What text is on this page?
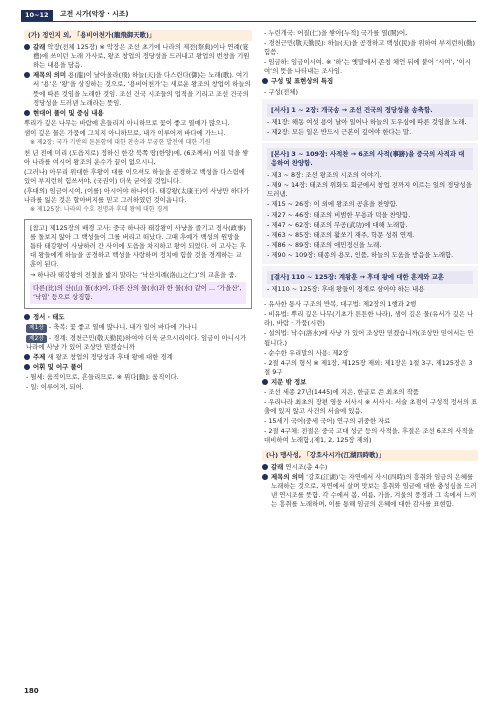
10~12	고전 시가(악장 · 시조)
(가) 정인지 외, 「용비어천가(龍飛御天歌)」
갈래 악장(전체 125장) ※ 악장은 조선 초기에 나라의 제전(祭典)이나 연례(宴禮)에 쓰이던 노래 가사로, 왕조 창업의 정당성을 드러내고 왕업의 번창을 기원하는 내용을 담음.
제목의 의미 용(龍)이 날아올라(飛) 하늘(天)을 다스린다(御)는 노래(歌). 여기서 ‘용’은 ‘왕’을 상징하는 것으로, ‘용비어천가’는 새로운 왕조의 창업이 하늘의 뜻에 따른 것임을 노래한 것임. 조선 건국 시조들의 업적을 기리고 조선 건국의 정당성을 드러낸 노래라는 뜻임.
현대어 풀이 및 중심 내용
뿌리가 깊은 나무는 바람에 흔들리지 아니하므로 꽃이 좋고 열매가 많으니.
샘이 깊은 물은 가뭄에 그치지 아니하므로, 내가 이루어져 바다에 가느니.
※ 제2장: 국가 기반의 튼튼함에 대한 찬송과 무궁한 발전에 대한 기원
천 년 전에 미리 (도읍지로) 정하신 한강 북쪽 땅(한양)에, (6조께서) 어질 덕을 쌓아 나라를 여시어 왕조의 운수가 끝이 없으시니,
(그러나) 아무리 위대한 후왕이 대를 이으셔도 하늘을 공경하고 백성을 다스림에 있어 부지런히 힘쓰셔야, (국권이) 더욱 굳어질 것입니다.
(후대의) 임금이시여, (이를) 아시어야 하나이다. 태강왕(太康王)이 사냥만 하다가 나라를 잃은 것은 할아버지를 믿고 그러하였던 것이옵니다.
※ 제125장: 나라의 수호 천명과 후대 왕에 대한 경계
[참고] 제125장의 배경 고사: 중국 하나라 태강왕이 사냥을 즐기고 정사(政事)를 돌보지 않아 그 백성들이 그를 버리고 떠났다. 그때 후예가 백성의 원망을 틈타 태강왕이 사냥하러 간 사이에 도읍을 차지하고 왕이 되었다. 이 고사는 후대 왕들에게 하늘을 공경하고 백성을 사랑하며 정치에 힘쓸 것을 경계하는 교훈이 된다.
→ 하나라 태강왕의 전철을 밟지 말라는 ‘낙산치례(洛山之仁)’의 교훈을 줌.
다른(比)의 산(山) 물(水)이, 다른 산의 물(水)과 한 물(水) 같이 ... ‘가을산’, ‘낙엽’ 등으로 상징함.
정서 · 태도
제1장 - 축복: 꽃 좋고 열매 많나니, 내가 일어 바다에 가나니
제2장 - 경계: 경천근민(敬天勤民)하여야 더욱 굳으시리이다. 임금이 아니시가 나라에 사냥 가 있어 조상만 믿겠습니까
주제 새 왕조 창업의 정당성과 후대 왕에 대한 경계
어휘 및 어구 풀이
- 뮐세: 움직이므로, 흔들리므로. ※ 뮈다[動]: 움직이다.
- 일: 이루어져, 되어.
- 누린개국: 어질(仁)을 쌓아[누적] 국가를 열(開)어,
- 경천근민(敬天勤民): 하늘(天)을 공경하고 백성(民)을 위하여 부지런히(勤) 힘씀.
- 임금하: 임금이시여. ※ ‘하’는 옛말에서 존칭 체언 뒤에 붙어 ‘시여’, ‘이시여’의 뜻을 나타내는 조사임.
구성 및 표현상의 특징
- 구성(전체)
[서사] 1 ~ 2장: 개국송 → 조선 건국의 정당성을 송축함.
- 제1장: 해동 여섯 용이 날아 일어나 하늘의 도우심에 따른 것임을 노래.
- 제2장: 모든 일은 반드시 근본이 깊어야 한다는 말.
[본사] 3 ~ 109장: 사적찬 → 6조의 사적(事跡)을 중국의 사적과 대응하여 찬양함.
- 제3 ~ 8장: 조선 왕조의 시조의 이야기.
- 제9 ~ 14장: 태조의 위화도 회군에서 창업 전까지 이르는 일의 정당성을 드러냄.
- 제15 ~ 26장: 이 외에 왕조의 공훈을 찬양함.
- 제27 ~ 46장: 태조의 비범한 무용과 덕을 찬양함.
- 제47 ~ 62장: 태조의 무공(武功)에 대해 노래함.
- 제63 ~ 85장: 태조의 활쏘기 재주, 학문 성취 연계.
- 제86 ~ 89장: 태조의 애민정신을 노래.
- 제90 ~ 109장: 태종의 용모, 인품, 하늘의 도움을 받음을 노래함.
[결사] 110 ~ 125장: 계왕훈 → 후대 왕에 대한 훈계와 교훈
- 제110 ~ 125장: 후대 왕들이 경계로 삼아야 하는 내용
- 유사한 통사 구조의 반복, 대구법: 제2장의 1행과 2행
- 비유법: 뿌리 깊은 나무(기초가 튼튼한 나라), 샘이 깊은 물(유서가 깊은 나라), 바람 · 가뭄(시련)
- 설의법: 낙수(洛水)에 사냥 가 있어 조상만 믿겠습니까(조상만 믿어서는 안 됩니다.)
- 순수한 우리말의 사용: 제2장
- 2절 4구의 형식 ※ 제1장, 제125장 제외: 제1장은 1절 3구, 제125장은 3절 9구
지문 밖 정보
- 조선 세종 27년(1445)에 지은, 한글로 쓴 최초의 작품
- 우리나라 최초의 장편 영웅 서사시 ※ 서사시: 서술 초점이 구성적 정서의 표출에 있지 않고 사건의 서술에 있음.
- 15세기 국어(중세 국어) 연구의 귀중한 자료
- 2절 4구체: 전절은 중국 고대 성군 등의 사적을, 후절은 조선 6조의 사적을 대비하여 노래함.(제1, 2, 125장 제외)
(나) 맹사성, 「강호사시가(江湖四時歌)」
갈래 연시조(총 4수)
제목의 의미 ‘강호(江湖)’는 자연에서 사시(四時)의 흥취와 임금의 은혜를 노래하는 것으로, 자연에서 살며 맛보는 흥취와 임금에 대한 충성심을 드러낸 연시조를 뜻함. 각 수에서 봄, 여름, 가을, 겨울의 풍경과 그 속에서 느끼는 흥취를 노래하며, 이를 통해 임금의 은혜에 대한 감사를 표현함.
180
